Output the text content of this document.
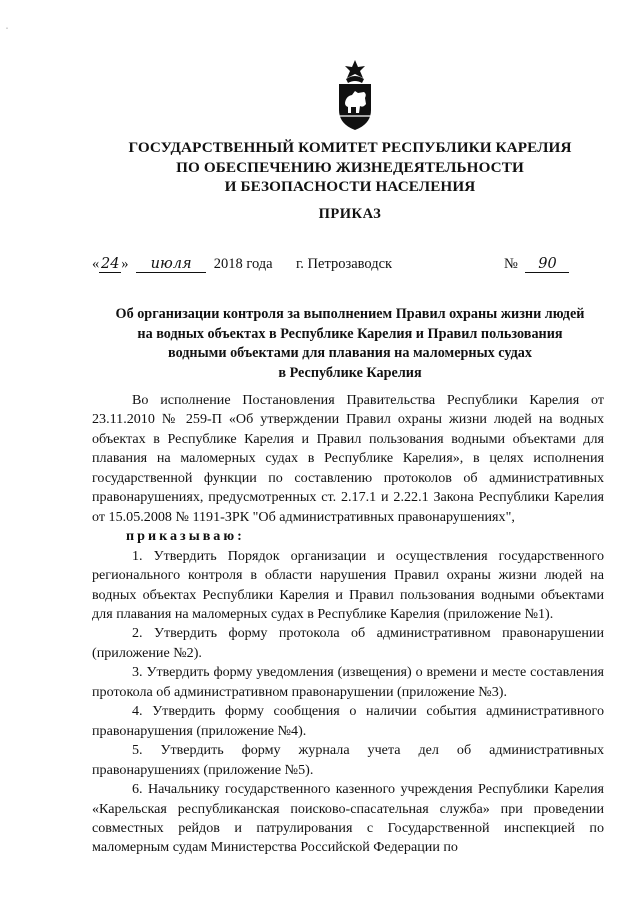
˚
ГОСУДАРСТВЕННЫЙ КОМИТЕТ РЕСПУБЛИКИ КАРЕЛИЯ
ПО ОБЕСПЕЧЕНИЮ ЖИЗНЕДЕЯТЕЛЬНОСТИ
И БЕЗОПАСНОСТИ НАСЕЛЕНИЯ
ПРИКАЗ
« 24 » июля 2018 года г. Петрозаводск	№ 90
Об организации контроля за выполнением Правил охраны жизни людей
на водных объектах в Республике Карелия и Правил пользования
водными объектами для плавания на маломерных судах
в Республике Карелия

Во исполнение Постановления Правительства Республики Карелия от 23.11.2010 № 259-П «Об утверждении Правил охраны жизни людей на водных объектах в Республике Карелия и Правил пользования водными объектами для плавания на маломерных судах в Республике Карелия», в целях исполнения государственной функции по составлению протоколов об административных правонарушениях, предусмотренных ст. 2.17.1 и 2.22.1 Закона Республики Карелия от 15.05.2008 № 1191-ЗРК "Об административных правонарушениях",

приказываю:

1. Утвердить Порядок организации и осуществления государственного регионального контроля в области нарушения Правил охраны жизни людей на водных объектах Республики Карелия и Правил пользования водными объектами для плавания на маломерных судах в Республике Карелия (приложение №1).

2. Утвердить форму протокола об административном правонарушении (приложение №2).

3. Утвердить форму уведомления (извещения) о времени и месте составления протокола об административном правонарушении (приложение №3).

4. Утвердить форму сообщения о наличии события административного правонарушения (приложение №4).

5. Утвердить форму журнала учета дел об административных правонарушениях (приложение №5).

6. Начальнику государственного казенного учреждения Республики Карелия «Карельская республиканская поисково-спасательная служба» при проведении совместных рейдов и патрулирования с Государственной инспекцией по маломерным судам Министерства Российской Федерации по
